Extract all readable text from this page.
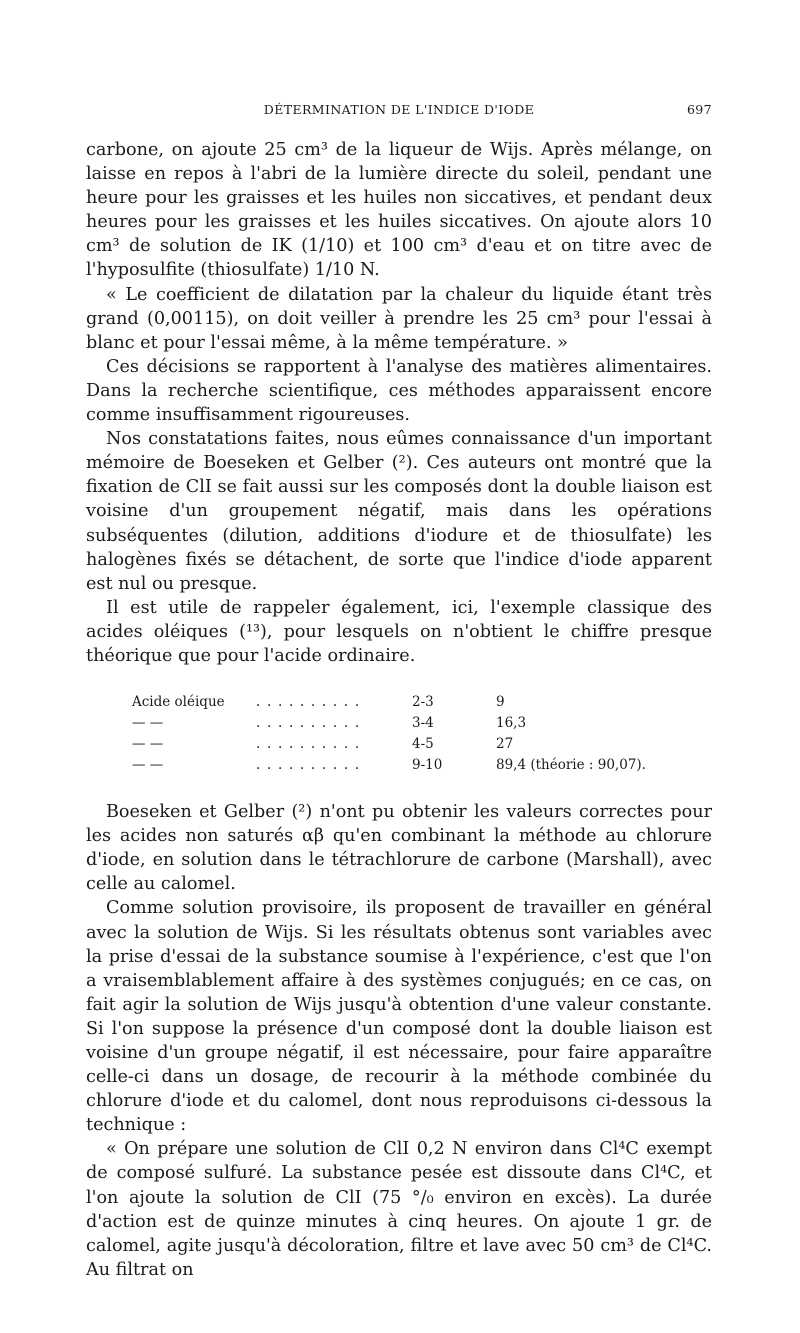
DÉTERMINATION DE L'INDICE D'IODE	697

carbone, on ajoute 25 cm³ de la liqueur de Wijs. Après mélange, on laisse en repos à l'abri de la lumière directe du soleil, pendant une heure pour les graisses et les huiles non siccatives, et pendant deux heures pour les graisses et les huiles siccatives. On ajoute alors 10 cm³ de solution de IK (1/10) et 100 cm³ d'eau et on titre avec de l'hyposulfite (thiosulfate) 1/10 N.

« Le coefficient de dilatation par la chaleur du liquide étant très grand (0,00115), on doit veiller à prendre les 25 cm³ pour l'essai à blanc et pour l'essai même, à la même température. »

Ces décisions se rapportent à l'analyse des matières alimentaires. Dans la recherche scientifique, ces méthodes apparaissent encore comme insuffisamment rigoureuses.

Nos constatations faites, nous eûmes connaissance d'un important mémoire de Boeseken et Gelber (²). Ces auteurs ont montré que la fixation de ClI se fait aussi sur les composés dont la double liaison est voisine d'un groupement négatif, mais dans les opérations subséquentes (dilution, additions d'iodure et de thiosulfate) les halogènes fixés se détachent, de sorte que l'indice d'iode apparent est nul ou presque.

Il est utile de rappeler également, ici, l'exemple classique des acides oléiques (¹³), pour lesquels on n'obtient le chiffre presque théorique que pour l'acide ordinaire.

Acide oléique . . . . . . . . . .	2-3	9
— —	. . . . . . . . . .	3-4	16,3
— —	. . . . . . . . . .	4-5	27
— —	. . . . . . . . . .	9-10	89,4 (théorie : 90,07).

Boeseken et Gelber (²) n'ont pu obtenir les valeurs correctes pour les acides non saturés αβ qu'en combinant la méthode au chlorure d'iode, en solution dans le tétrachlorure de carbone (Marshall), avec celle au calomel.

Comme solution provisoire, ils proposent de travailler en général avec la solution de Wijs. Si les résultats obtenus sont variables avec la prise d'essai de la substance soumise à l'expérience, c'est que l'on a vraisemblablement affaire à des systèmes conjugués; en ce cas, on fait agir la solution de Wijs jusqu'à obtention d'une valeur constante. Si l'on suppose la présence d'un composé dont la double liaison est voisine d'un groupe négatif, il est nécessaire, pour faire apparaître celle-ci dans un dosage, de recourir à la méthode combinée du chlorure d'iode et du calomel, dont nous reproduisons ci-dessous la technique :

« On prépare une solution de ClI 0,2 N environ dans Cl⁴C exempt de composé sulfuré. La substance pesée est dissoute dans Cl⁴C, et l'on ajoute la solution de ClI (75 °/₀ environ en excès). La durée d'action est de quinze minutes à cinq heures. On ajoute 1 gr. de calomel, agite jusqu'à décoloration, filtre et lave avec 50 cm³ de Cl⁴C. Au filtrat on
